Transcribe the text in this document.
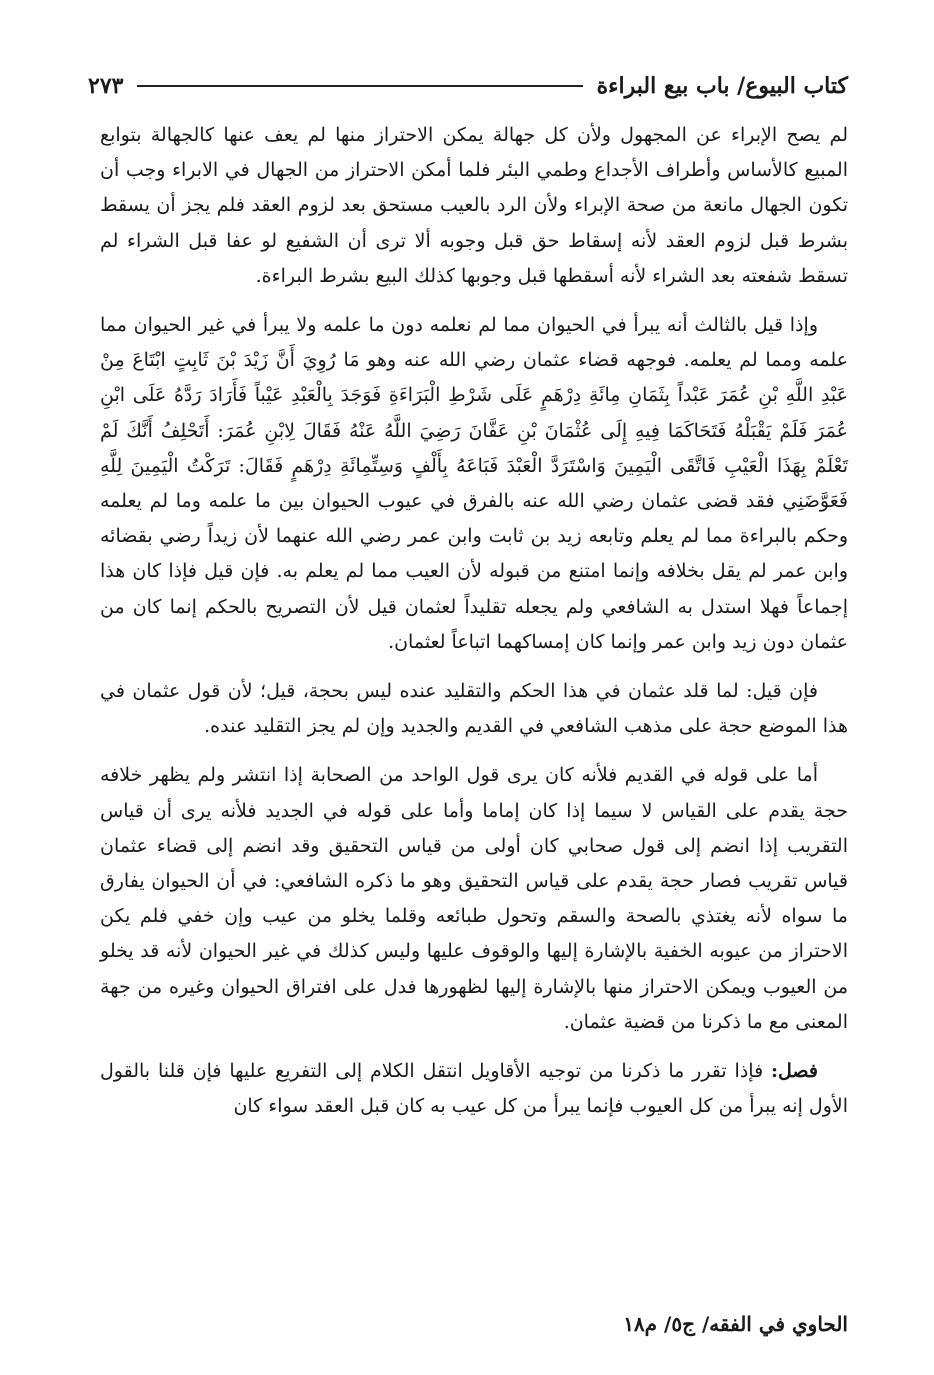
كتاب البيوع/ باب بيع البراءة
٢٧٣

لم يصح الإبراء عن المجهول ولأن كل جهالة يمكن الاحتراز منها لم يعف عنها كالجهالة بتوابع المبيع كالأساس وأطراف الأجداع وطمي البئر فلما أمكن الاحتراز من الجهال في الابراء وجب أن تكون الجهال مانعة من صحة الإبراء ولأن الرد بالعيب مستحق بعد لزوم العقد فلم يجز أن يسقط بشرط قبل لزوم العقد لأنه إسقاط حق قبل وجوبه ألا ترى أن الشفيع لو عفا قبل الشراء لم تسقط شفعته بعد الشراء لأنه أسقطها قبل وجوبها كذلك البيع بشرط البراءة.

وإذا قيل بالثالث أنه يبرأ في الحيوان مما لم نعلمه دون ما علمه ولا يبرأ في غير الحيوان مما علمه ومما لم يعلمه. فوجهه قضاء عثمان رضي الله عنه وهو مَا رُوِيَ أَنَّ زَيْدَ بْنَ ثَابِتٍ ابْتَاعَ مِنْ عَبْدِ اللَّهِ بْنِ عُمَرَ عَبْداً بِثَمَانِ مِائَةِ دِرْهَمٍ عَلَى شَرْطِ الْبَرَاءَةِ فَوَجَدَ بِالْعَبْدِ عَيْباً فَأَرَادَ رَدَّهُ عَلَى ابْنِ عُمَرَ فَلَمْ يَقْبَلْهُ فَتَحَاكَمَا فِيهِ إِلَى عُثْمَانَ بْنِ عَفَّانَ رَضِيَ اللَّهُ عَنْهُ فَقَالَ لِابْنِ عُمَرَ: أَتَحْلِفُ أَنَّكَ لَمْ تَعْلَمْ بِهَذَا الْعَيْبِ فَاتَّقَى الْيَمِينَ وَاسْتَرَدَّ الْعَبْدَ فَبَاعَهُ بِأَلْفٍ وَسِتِّمِائَةِ دِرْهَمٍ فَقَالَ: تَرَكْتُ الْيَمِينَ لِلَّهِ فَعَوَّضَنِي فقد قضى عثمان رضي الله عنه بالفرق في عيوب الحيوان بين ما علمه وما لم يعلمه وحكم بالبراءة مما لم يعلم وتابعه زيد بن ثابت وابن عمر رضي الله عنهما لأن زيداً رضي بقضائه وابن عمر لم يقل بخلافه وإنما امتنع من قبوله لأن العيب مما لم يعلم به. فإن قيل فإذا كان هذا إجماعاً فهلا استدل به الشافعي ولم يجعله تقليداً لعثمان قيل لأن التصريح بالحكم إنما كان من عثمان دون زيد وابن عمر وإنما كان إمساكهما اتباعاً لعثمان.

فإن قيل: لما قلد عثمان في هذا الحكم والتقليد عنده ليس بحجة، قيل؛ لأن قول عثمان في هذا الموضع حجة على مذهب الشافعي في القديم والجديد وإن لم يجز التقليد عنده.

أما على قوله في القديم فلأنه كان يرى قول الواحد من الصحابة إذا انتشر ولم يظهر خلافه حجة يقدم على القياس لا سيما إذا كان إماما وأما على قوله في الجديد فلأنه يرى أن قياس التقريب إذا انضم إلى قول صحابي كان أولى من قياس التحقيق وقد انضم إلى قضاء عثمان قياس تقريب فصار حجة يقدم على قياس التحقيق وهو ما ذكره الشافعي: في أن الحيوان يفارق ما سواه لأنه يغتذي بالصحة والسقم وتحول طبائعه وقلما يخلو من عيب وإن خفي فلم يكن الاحتراز من عيوبه الخفية بالإشارة إليها والوقوف عليها وليس كذلك في غير الحيوان لأنه قد يخلو من العيوب ويمكن الاحتراز منها بالإشارة إليها لظهورها فدل على افتراق الحيوان وغيره من جهة المعنى مع ما ذكرنا من قضية عثمان.

فصل: فإذا تقرر ما ذكرنا من توجيه الأقاويل انتقل الكلام إلى التفريع عليها فإن قلنا بالقول الأول إنه يبرأ من كل العيوب فإنما يبرأ من كل عيب به كان قبل العقد سواء كان

الحاوي في الفقه/ ج٥/ م١٨
